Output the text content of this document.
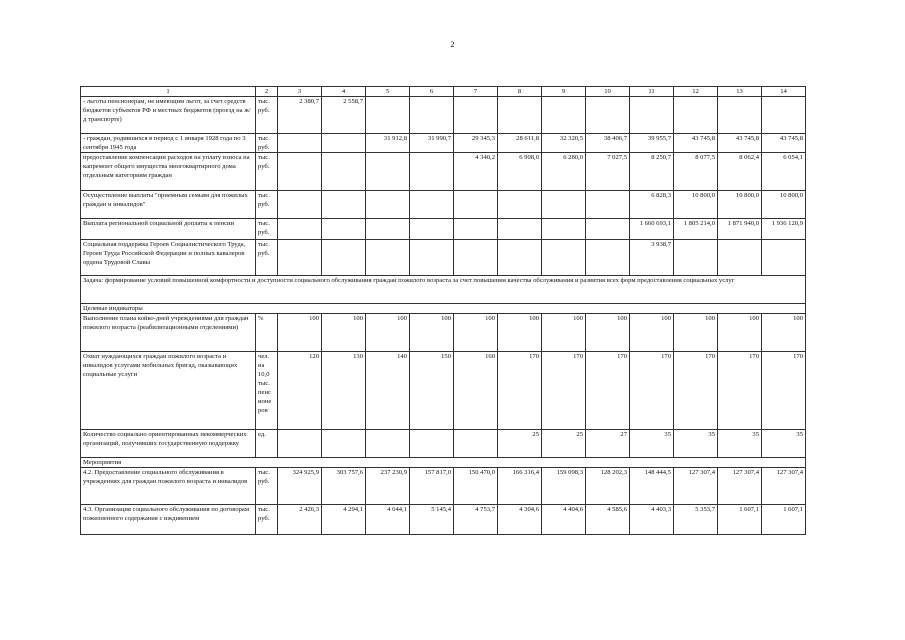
2
1	2	3	4	5	6	7	8	9	10	11	12	13	14
- льготы пенсионерам, не имеющим льгот, за счет средств бюджетов субъектов РФ и местных бюджетов (проезд на ж/д транспорте)	тыс. руб.	2 380,7	2 558,7										
- граждан, родившихся в период с 1 января 1928 года по 3 сентября 1945 года	тыс. руб.			31 912,8	31 990,7	29 345,3	28 611,8	32 320,5	38 406,7	39 955,7	43 745,8	43 745,8	43 745,8
предоставление компенсации расходов на уплату взноса на капремонт общего имущества многоквартирного дома отдельным категориям граждан	тыс. руб.					4 340,2	6 908,0	6 280,0	7 027,5	8 250,7	8 077,5	8 062,4	6 054,1
Осуществление выплаты "приемным семьям для пожилых граждан и инвалидов"	тыс. руб.									6 828,3	10 800,0	10 800,0	10 800,0
Выплата региональной социальной доплаты к пенсии	тыс. руб.									1 660 693,1	1 805 214,0	1 871 940,0	1 936 120,9
Социальная поддержка Героев Социалистического Труда, Героев Труда Российской Федерации и полных кавалеров ордена Трудовой Славы	тыс. руб.									3 938,7			
Задача: формирование условий повышенной комфортности и доступности социального обслуживания граждан пожилого возраста за счет повышения качества обслуживания и развития всех форм предоставления социальных услуг													
Целевые индикаторы													
Выполнение плана койко-дней учреждениями для граждан пожилого возраста (реабилитационными отделениями)	%	100	100	100	100	100	100	100	100	100	100	100	100
Охват нуждающихся граждан пожилого возраста и инвалидов услугами мобильных бригад, оказывающих социальные услуги	чел. на 10,0 тыс. пенс ионе ров	120	130	140	150	160	170	170	170	170	170	170	170
Количество социально ориентированных некоммерческих организаций, получивших государственную поддержку	ед.						25	25	27	35	35	35	35
Мероприятия													
4.2. Предоставление социального обслуживания в учреждениях для граждан пожилого возраста и инвалидов	тыс. руб.	324 925,9	303 757,6	237 230,9	157 817,0	150 470,0	166 316,4	159 098,3	128 202,3	148 444,5	127 307,4	127 307,4	127 307,4
4.3. Организация социального обслуживания по договорам пожизненного содержания с иждивением	тыс. руб.	2 426,3	4 294,1	4 644,1	5 145,4	4 753,7	4 304,6	4 404,6	4 585,6	4 403,3	5 353,7	1 607,1	1 607,1
